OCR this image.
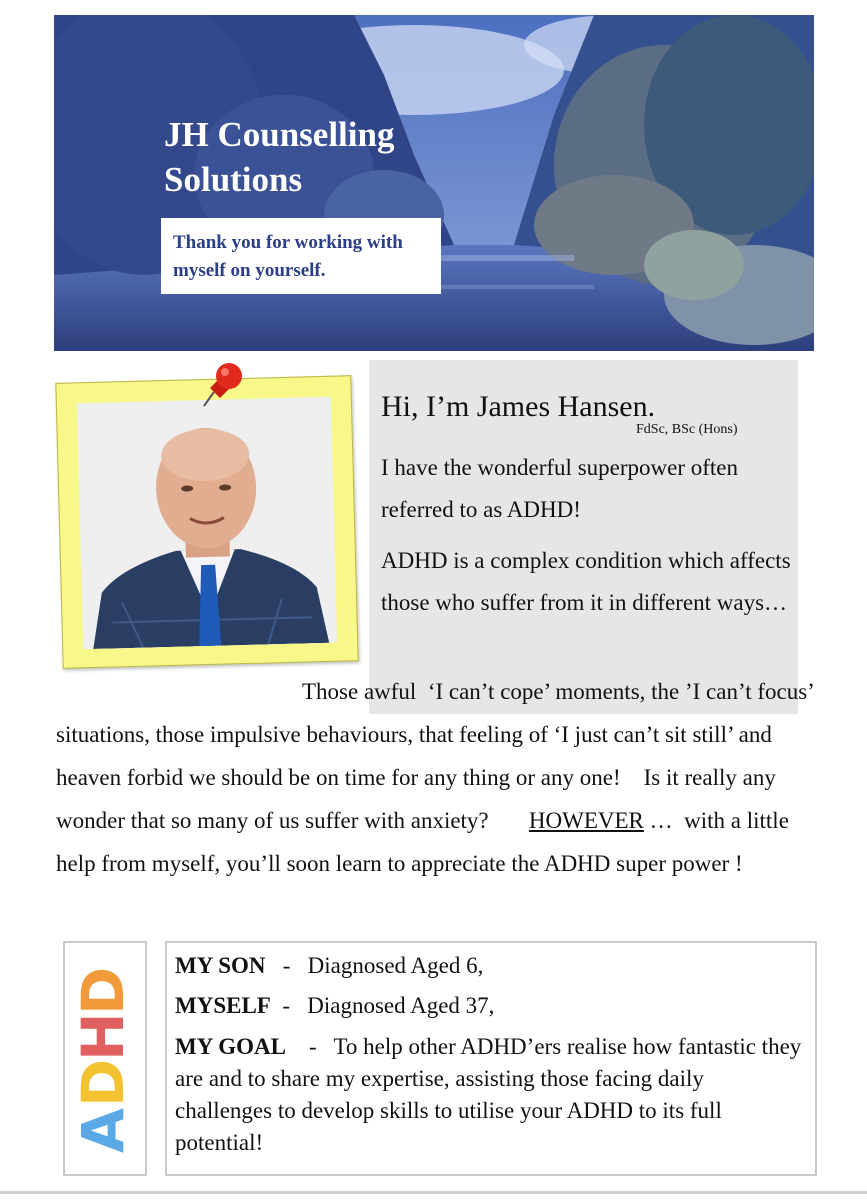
JH Counselling
Solutions
Thank you for working with myself on yourself.
Hi, I’m James Hansen.
FdSc, BSc (Hons)
I have the wonderful superpower often referred to as ADHD!
ADHD is a complex condition which affects those who suffer from it in different ways…
Those awful  ‘I can’t cope’ moments, the ’I can’t focus’ situations, those impulsive behaviours, that feeling of ‘I just can’t sit still’ and heaven forbid we should be on time for any thing or any one!    Is it really any wonder that so many of us suffer with anxiety?       HOWEVER …  with a little help from myself, you’ll soon learn to appreciate the ADHD super power !
A
D
H
D
MY SON   -   Diagnosed Aged 6,
MYSELF  -   Diagnosed Aged 37,
MY GOAL    -   To help other ADHD’ers realise how fantastic they are and to share my expertise, assisting those facing daily challenges to develop skills to utilise your ADHD to its full potential!
